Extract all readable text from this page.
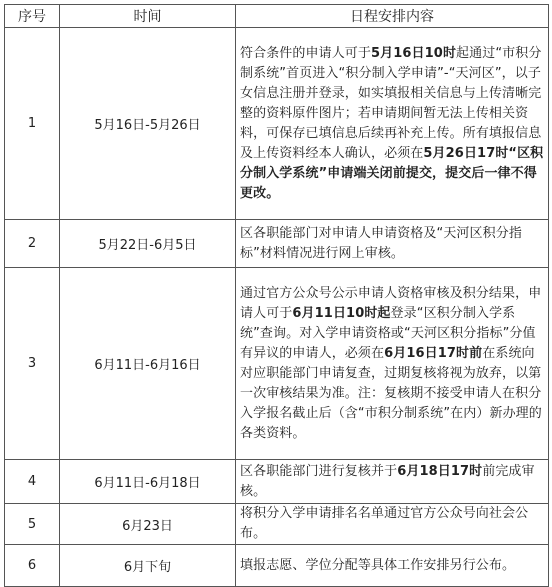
序号	时间	日程安排内容
1	5月16日-5月26日	符合条件的申请人可于5月16日10时起通过“市积分制系统”首页进入“积分制入学申请”-“天河区”，以子女信息注册并登录，如实填报相关信息与上传清晰完整的资料原件图片；若申请期间暂无法上传相关资料，可保存已填信息后续再补充上传。所有填报信息及上传资料经本人确认，必须在5月26日17时“区积分制入学系统”申请端关闭前提交，提交后一律不得更改。
2	5月22日-6月5日	区各职能部门对申请人申请资格及“天河区积分指标”材料情况进行网上审核。
3	6月11日-6月16日	通过官方公众号公示申请人资格审核及积分结果，申请人可于6月11日10时起登录“区积分制入学系统”查询。对入学申请资格或“天河区积分指标”分值有异议的申请人，必须在6月16日17时前在系统向对应职能部门申请复查，过期复核将视为放弃，以第一次审核结果为准。注：复核期不接受申请人在积分入学报名截止后（含“市积分制系统”在内）新办理的各类资料。
4	6月11日-6月18日	区各职能部门进行复核并于6月18日17时前完成审核。
5	6月23日	将积分入学申请排名名单通过官方公众号向社会公布。
6	6月下旬	填报志愿、学位分配等具体工作安排另行公布。
